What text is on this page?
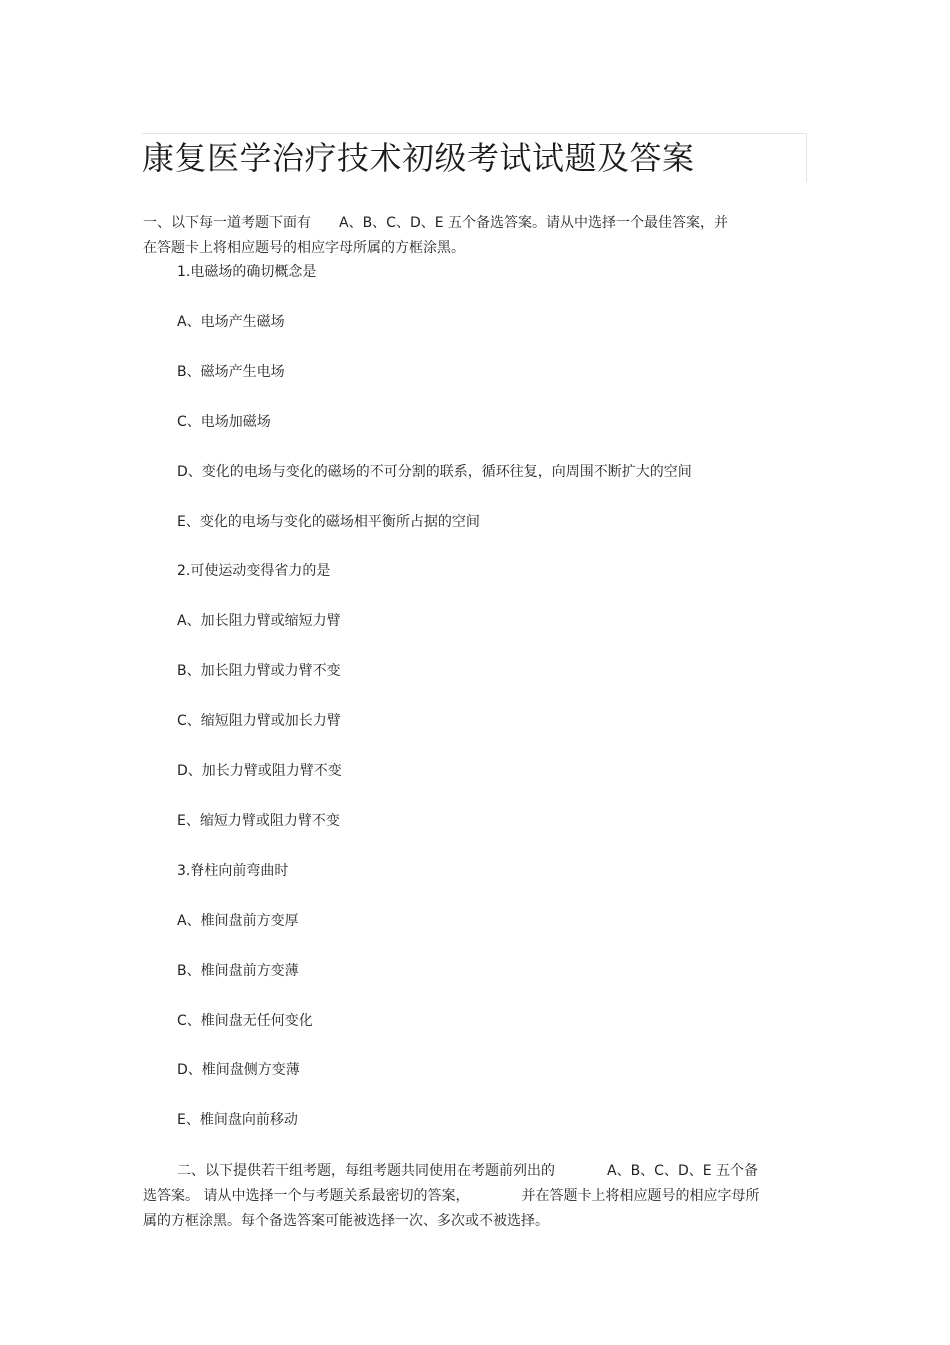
康复医学治疗技术初级考试试题及答案
一、以下每一道考题下面有 A、B、C、D、E 五个备选答案。请从中选择一个最佳答案，并
在答题卡上将相应题号的相应字母所属的方框涂黑。

1.电磁场的确切概念是

A、电场产生磁场

B、磁场产生电场

C、电场加磁场

D、变化的电场与变化的磁场的不可分割的联系，循环往复，向周围不断扩大的空间

E、变化的电场与变化的磁场相平衡所占据的空间

2.可使运动变得省力的是

A、加长阻力臂或缩短力臂

B、加长阻力臂或力臂不变

C、缩短阻力臂或加长力臂

D、加长力臂或阻力臂不变

E、缩短力臂或阻力臂不变

3.脊柱向前弯曲时

A、椎间盘前方变厚

B、椎间盘前方变薄

C、椎间盘无任何变化

D、椎间盘侧方变薄

E、椎间盘向前移动

二、以下提供若干组考题，每组考题共同使用在考题前列出的	A、B、C、D、E 五个备
选答案。 请从中选择一个与考题关系最密切的答案，	并在答题卡上将相应题号的相应字母所
属的方框涂黑。每个备选答案可能被选择一次、多次或不被选择。
